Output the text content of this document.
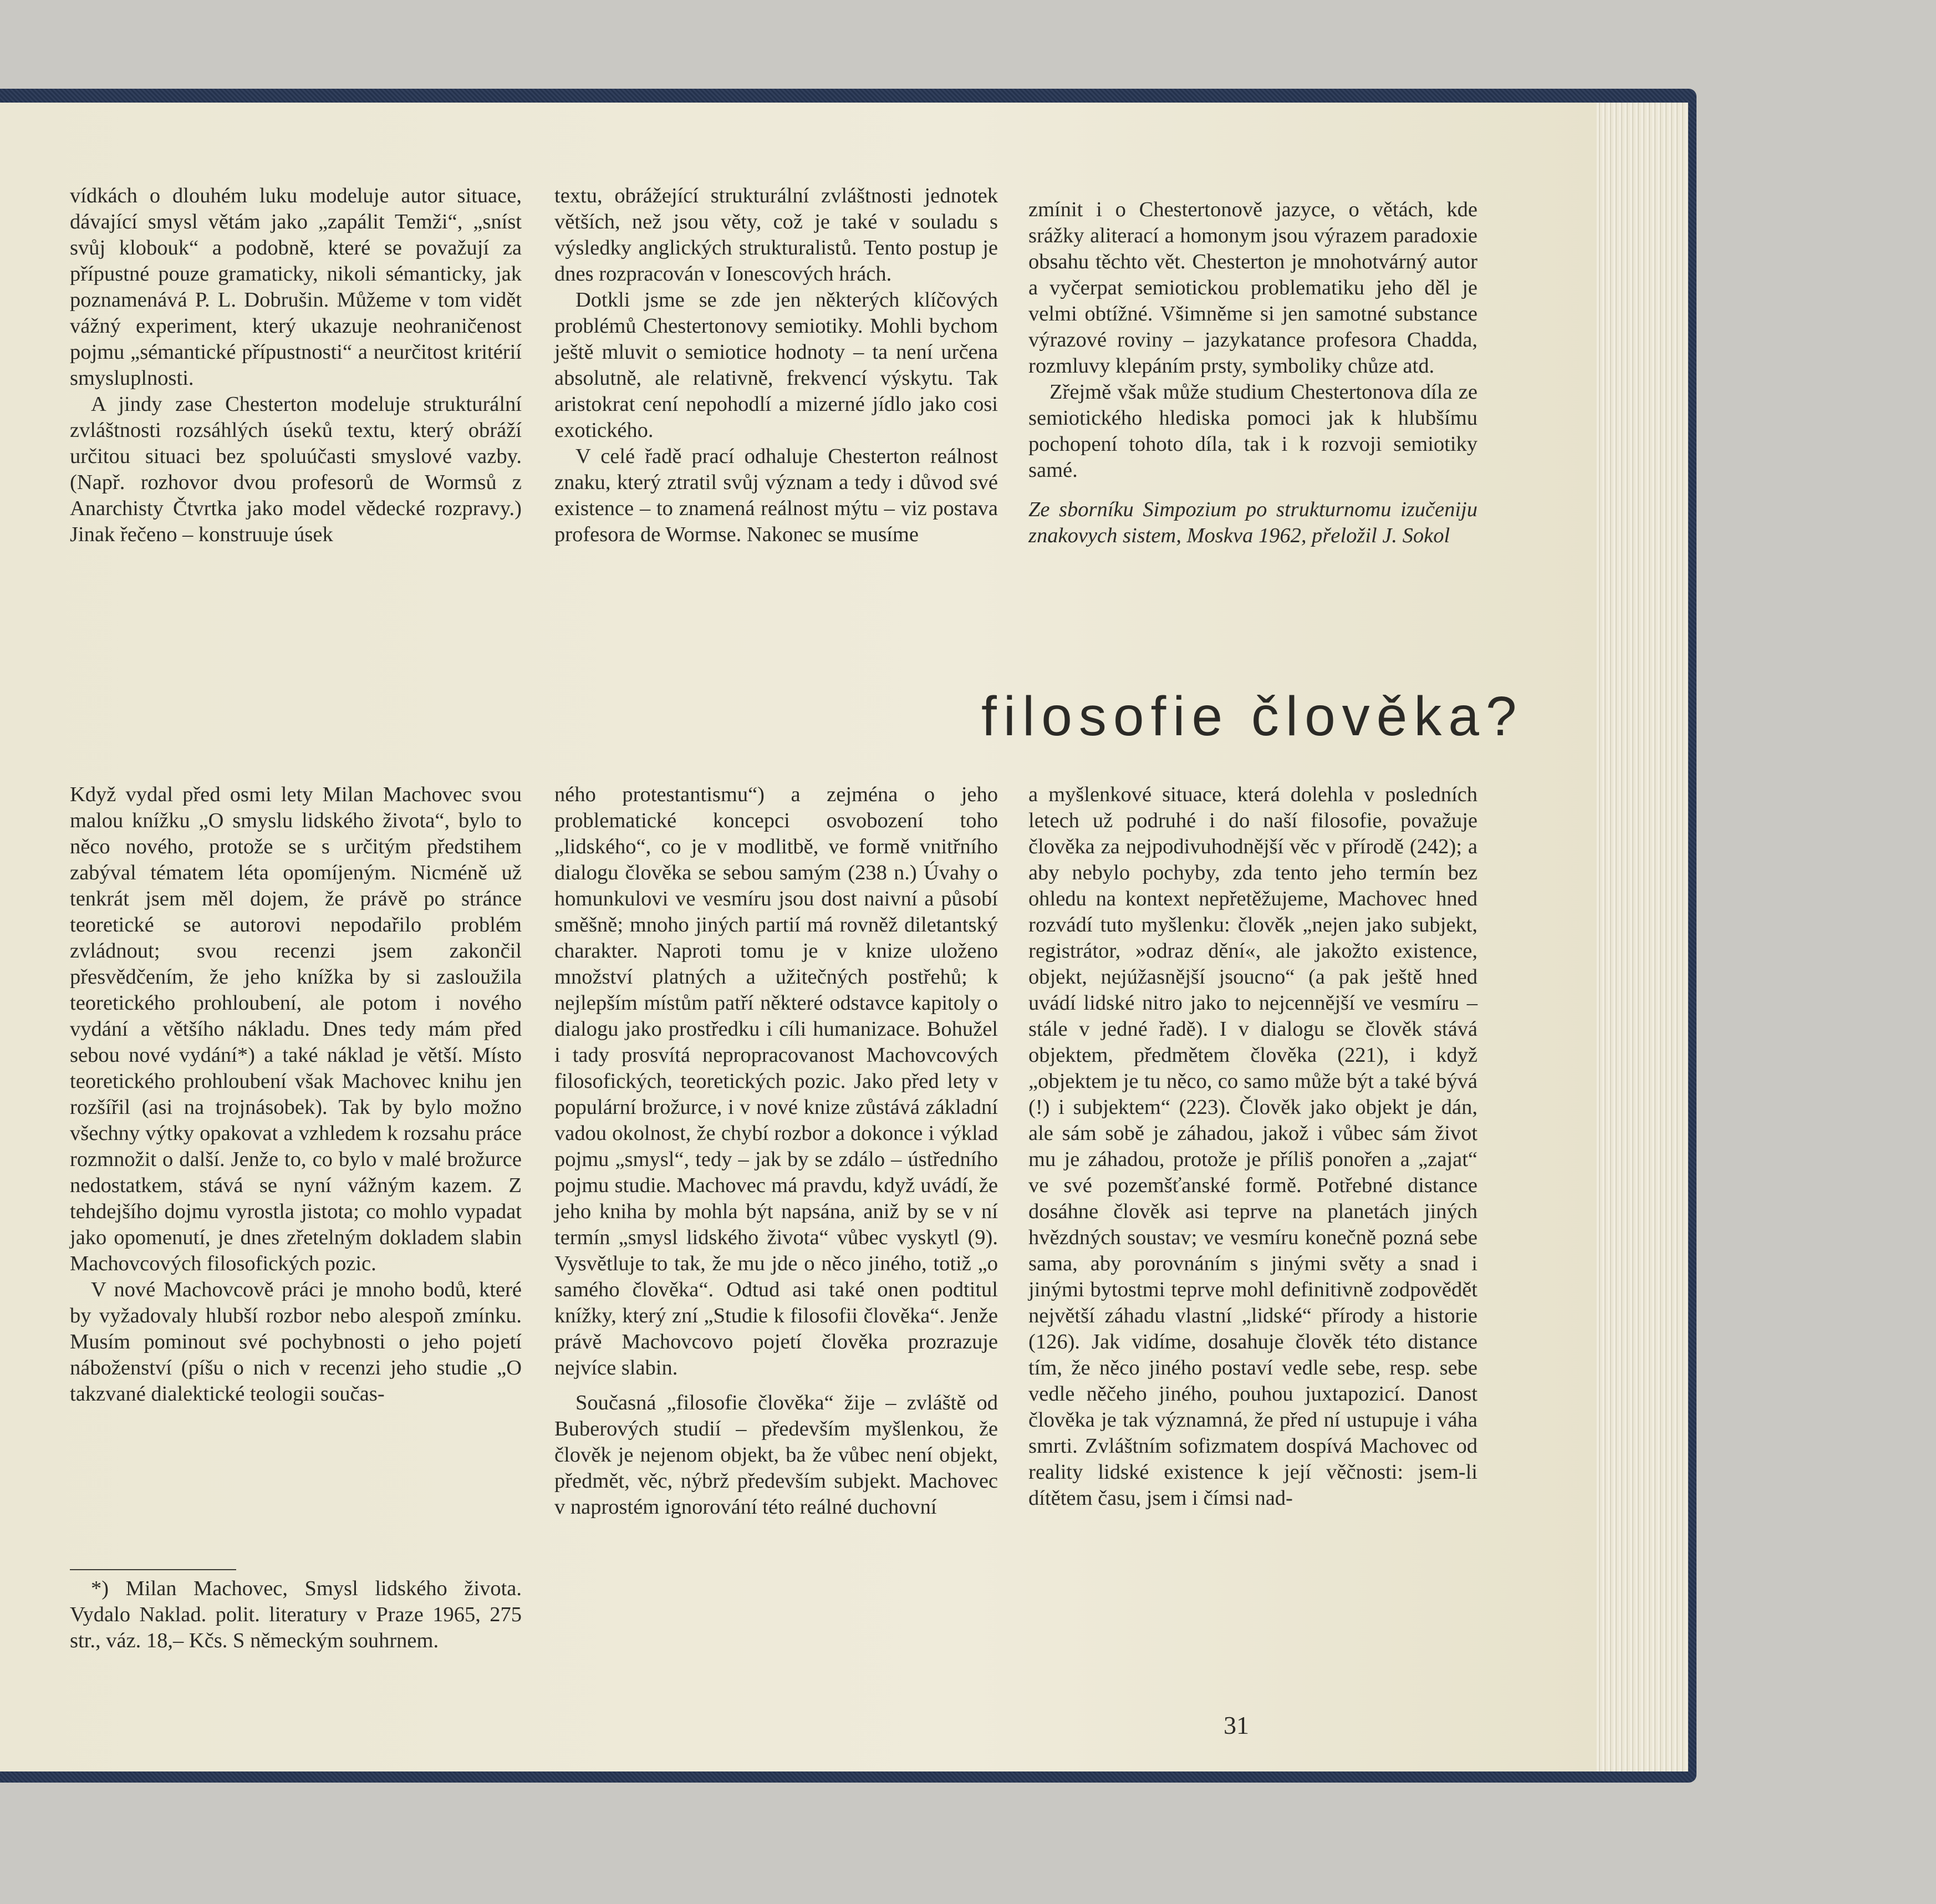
vídkách o dlouhém luku modeluje autor situace, dávající smysl větám jako „zapálit Temži“, „sníst svůj klobouk“ a podobně, které se považují za přípustné pouze gramaticky, nikoli sémanticky, jak poznamenává P. L. Dobrušin. Můžeme v tom vidět vážný experiment, který ukazuje neohraničenost pojmu „sémantické přípustnosti“ a neurčitost kritérií smysluplnosti.

A jindy zase Chesterton modeluje strukturální zvláštnosti rozsáhlých úseků textu, který obráží určitou situaci bez spoluúčasti smyslové vazby. (Např. rozhovor dvou profesorů de Wormsů z Anarchisty Čtvrtka jako model vědecké rozpravy.) Jinak řečeno – konstruuje úsek

textu, obrážející strukturální zvláštnosti jednotek větších, než jsou věty, což je také v souladu s výsledky anglických strukturalistů. Tento postup je dnes rozpracován v Ionescových hrách.

Dotkli jsme se zde jen některých klíčových problémů Chestertonovy semiotiky. Mohli bychom ještě mluvit o semiotice hodnoty – ta není určena absolutně, ale relativně, frekvencí výskytu. Tak aristokrat cení nepohodlí a mizerné jídlo jako cosi exotického.

V celé řadě prací odhaluje Chesterton reálnost znaku, který ztratil svůj význam a tedy i důvod své existence – to znamená reálnost mýtu – viz postava profesora de Wormse. Nakonec se musíme

zmínit i o Chestertonově jazyce, o větách, kde srážky aliterací a homonym jsou výrazem paradoxie obsahu těchto vět. Chesterton je mnohotvárný autor a vyčerpat semiotickou problematiku jeho děl je velmi obtížné. Všimněme si jen samotné substance výrazové roviny – jazykatance profesora Chadda, rozmluvy klepáním prsty, symboliky chůze atd.

Zřejmě však může studium Chestertonova díla ze semiotického hlediska pomoci jak k hlubšímu pochopení tohoto díla, tak i k rozvoji semiotiky samé.

Ze sborníku Simpozium po strukturnomu izučeniju znakovych sistem, Moskva 1962, přeložil J. Sokol

filosofie člověka?

Když vydal před osmi lety Milan Machovec svou malou knížku „O smyslu lidského života“, bylo to něco nového, protože se s určitým předstihem zabýval tématem léta opomíjeným. Nicméně už tenkrát jsem měl dojem, že právě po stránce teoretické se autorovi nepodařilo problém zvládnout; svou recenzi jsem zakončil přesvědčením, že jeho knížka by si zasloužila teoretického prohloubení, ale potom i nového vydání a většího nákladu. Dnes tedy mám před sebou nové vydání*) a také náklad je větší. Místo teoretického prohloubení však Machovec knihu jen rozšířil (asi na trojnásobek). Tak by bylo možno všechny výtky opakovat a vzhledem k rozsahu práce rozmnožit o další. Jenže to, co bylo v malé brožurce nedostatkem, stává se nyní vážným kazem. Z tehdejšího dojmu vyrostla jistota; co mohlo vypadat jako opomenutí, je dnes zřetelným dokladem slabin Machovcových filosofických pozic.

V nové Machovcově práci je mnoho bodů, které by vyžadovaly hlubší rozbor nebo alespoň zmínku. Musím pominout své pochybnosti o jeho pojetí náboženství (píšu o nich v recenzi jeho studie „O takzvané dialektické teologii součas-

*) Milan Machovec, Smysl lidského života. Vydalo Naklad. polit. literatury v Praze 1965, 275 str., váz. 18,– Kčs. S německým souhrnem.

ného protestantismu“) a zejména o jeho problematické koncepci osvobození toho „lidského“, co je v modlitbě, ve formě vnitřního dialogu člověka se sebou samým (238 n.) Úvahy o homunkulovi ve vesmíru jsou dost naivní a působí směšně; mnoho jiných partií má rovněž diletantský charakter. Naproti tomu je v knize uloženo množství platných a užitečných postřehů; k nejlepším místům patří některé odstavce kapitoly o dialogu jako prostředku i cíli humanizace. Bohužel i tady prosvítá nepropracovanost Machovcových filosofických, teoretických pozic. Jako před lety v populární brožurce, i v nové knize zůstává základní vadou okolnost, že chybí rozbor a dokonce i výklad pojmu „smysl“, tedy – jak by se zdálo – ústředního pojmu studie. Machovec má pravdu, když uvádí, že jeho kniha by mohla být napsána, aniž by se v ní termín „smysl lidského života“ vůbec vyskytl (9). Vysvětluje to tak, že mu jde o něco jiného, totiž „o samého člověka“. Odtud asi také onen podtitul knížky, který zní „Studie k filosofii člověka“. Jenže právě Machovcovo pojetí člověka prozrazuje nejvíce slabin.

Současná „filosofie člověka“ žije – zvláště od Buberových studií – především myšlenkou, že člověk je nejenom objekt, ba že vůbec není objekt, předmět, věc, nýbrž především subjekt. Machovec v naprostém ignorování této reálné duchovní

a myšlenkové situace, která dolehla v posledních letech už podruhé i do naší filosofie, považuje člověka za nejpodivuhodnější věc v přírodě (242); a aby nebylo pochyby, zda tento jeho termín bez ohledu na kontext nepřetěžujeme, Machovec hned rozvádí tuto myšlenku: člověk „nejen jako subjekt, registrátor, »odraz dění«, ale jakožto existence, objekt, nejúžasnější jsoucno“ (a pak ještě hned uvádí lidské nitro jako to nejcennější ve vesmíru – stále v jedné řadě). I v dialogu se člověk stává objektem, předmětem člověka (221), i když „objektem je tu něco, co samo může být a také bývá (!) i subjektem“ (223). Člověk jako objekt je dán, ale sám sobě je záhadou, jakož i vůbec sám život mu je záhadou, protože je příliš ponořen a „zajat“ ve své pozemšťanské formě. Potřebné distance dosáhne člověk asi teprve na planetách jiných hvězdných soustav; ve vesmíru konečně pozná sebe sama, aby porovnáním s jinými světy a snad i jinými bytostmi teprve mohl definitivně zodpovědět největší záhadu vlastní „lidské“ přírody a historie (126). Jak vidíme, dosahuje člověk této distance tím, že něco jiného postaví vedle sebe, resp. sebe vedle něčeho jiného, pouhou juxtapozicí. Danost člověka je tak významná, že před ní ustupuje i váha smrti. Zvláštním sofizmatem dospívá Machovec od reality lidské existence k její věčnosti: jsem-li dítětem času, jsem i čímsi nad-

31
